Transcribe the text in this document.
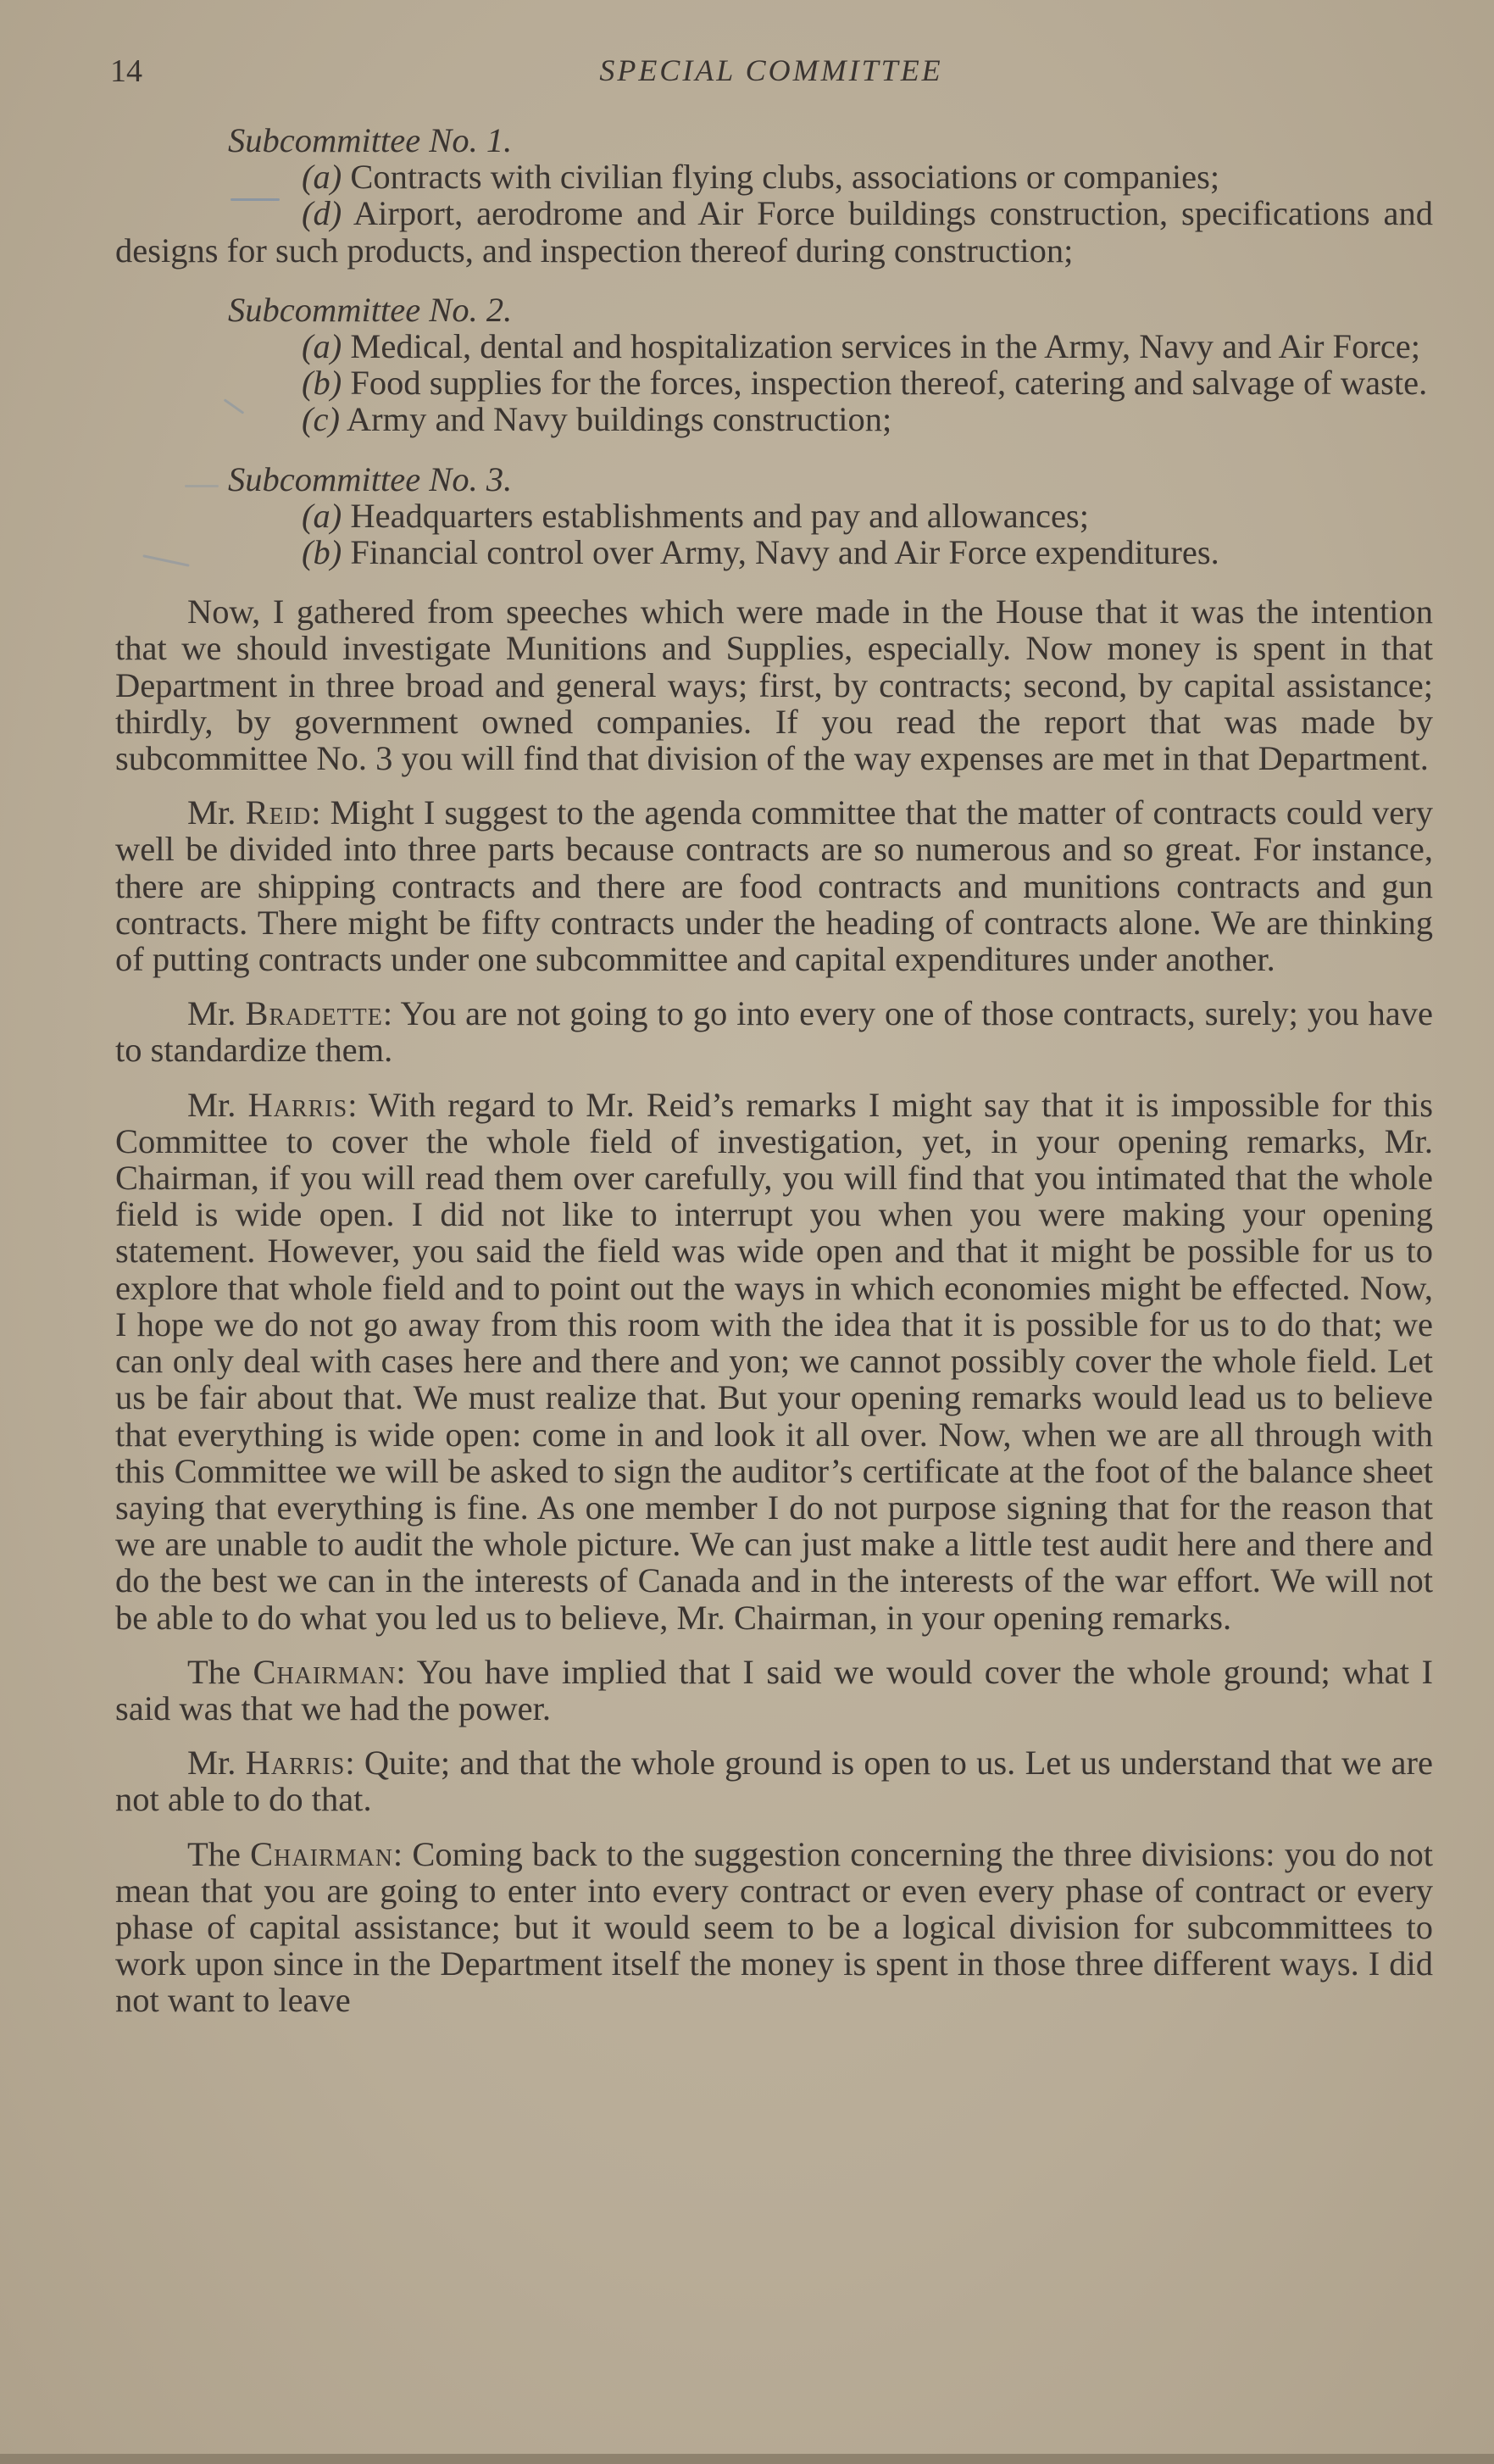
14	SPECIAL COMMITTEE
Subcommittee No. 1.

(a) Contracts with civilian flying clubs, associations or companies;

(d) Airport, aerodrome and Air Force buildings construction, specifications and designs for such products, and inspection thereof during construction;

Subcommittee No. 2.

(a) Medical, dental and hospitalization services in the Army, Navy and Air Force;

(b) Food supplies for the forces, inspection thereof, catering and salvage of waste.

(c) Army and Navy buildings construction;

Subcommittee No. 3.

(a) Headquarters establishments and pay and allowances;

(b) Financial control over Army, Navy and Air Force expenditures.

Now, I gathered from speeches which were made in the House that it was the intention that we should investigate Munitions and Supplies, especially. Now money is spent in that Department in three broad and general ways; first, by contracts; second, by capital assistance; thirdly, by government owned companies. If you read the report that was made by subcommittee No. 3 you will find that division of the way expenses are met in that Department.

Mr. Reid: Might I suggest to the agenda committee that the matter of contracts could very well be divided into three parts because contracts are so numerous and so great. For instance, there are shipping contracts and there are food contracts and munitions contracts and gun contracts. There might be fifty contracts under the heading of contracts alone. We are thinking of putting contracts under one subcommittee and capital expenditures under another.

Mr. Bradette: You are not going to go into every one of those contracts, surely; you have to standardize them.

Mr. Harris: With regard to Mr. Reid’s remarks I might say that it is impossible for this Committee to cover the whole field of investigation, yet, in your opening remarks, Mr. Chairman, if you will read them over carefully, you will find that you intimated that the whole field is wide open. I did not like to interrupt you when you were making your opening statement. However, you said the field was wide open and that it might be possible for us to explore that whole field and to point out the ways in which economies might be effected. Now, I hope we do not go away from this room with the idea that it is possible for us to do that; we can only deal with cases here and there and yon; we cannot possibly cover the whole field. Let us be fair about that. We must realize that. But your opening remarks would lead us to believe that everything is wide open: come in and look it all over. Now, when we are all through with this Committee we will be asked to sign the auditor’s certificate at the foot of the balance sheet saying that everything is fine. As one member I do not purpose signing that for the reason that we are unable to audit the whole picture. We can just make a little test audit here and there and do the best we can in the interests of Canada and in the interests of the war effort. We will not be able to do what you led us to believe, Mr. Chairman, in your opening remarks.

The Chairman: You have implied that I said we would cover the whole ground; what I said was that we had the power.

Mr. Harris: Quite; and that the whole ground is open to us. Let us understand that we are not able to do that.

The Chairman: Coming back to the suggestion concerning the three divisions: you do not mean that you are going to enter into every contract or even every phase of contract or every phase of capital assistance; but it would seem to be a logical division for subcommittees to work upon since in the Department itself the money is spent in those three different ways. I did not want to leave
